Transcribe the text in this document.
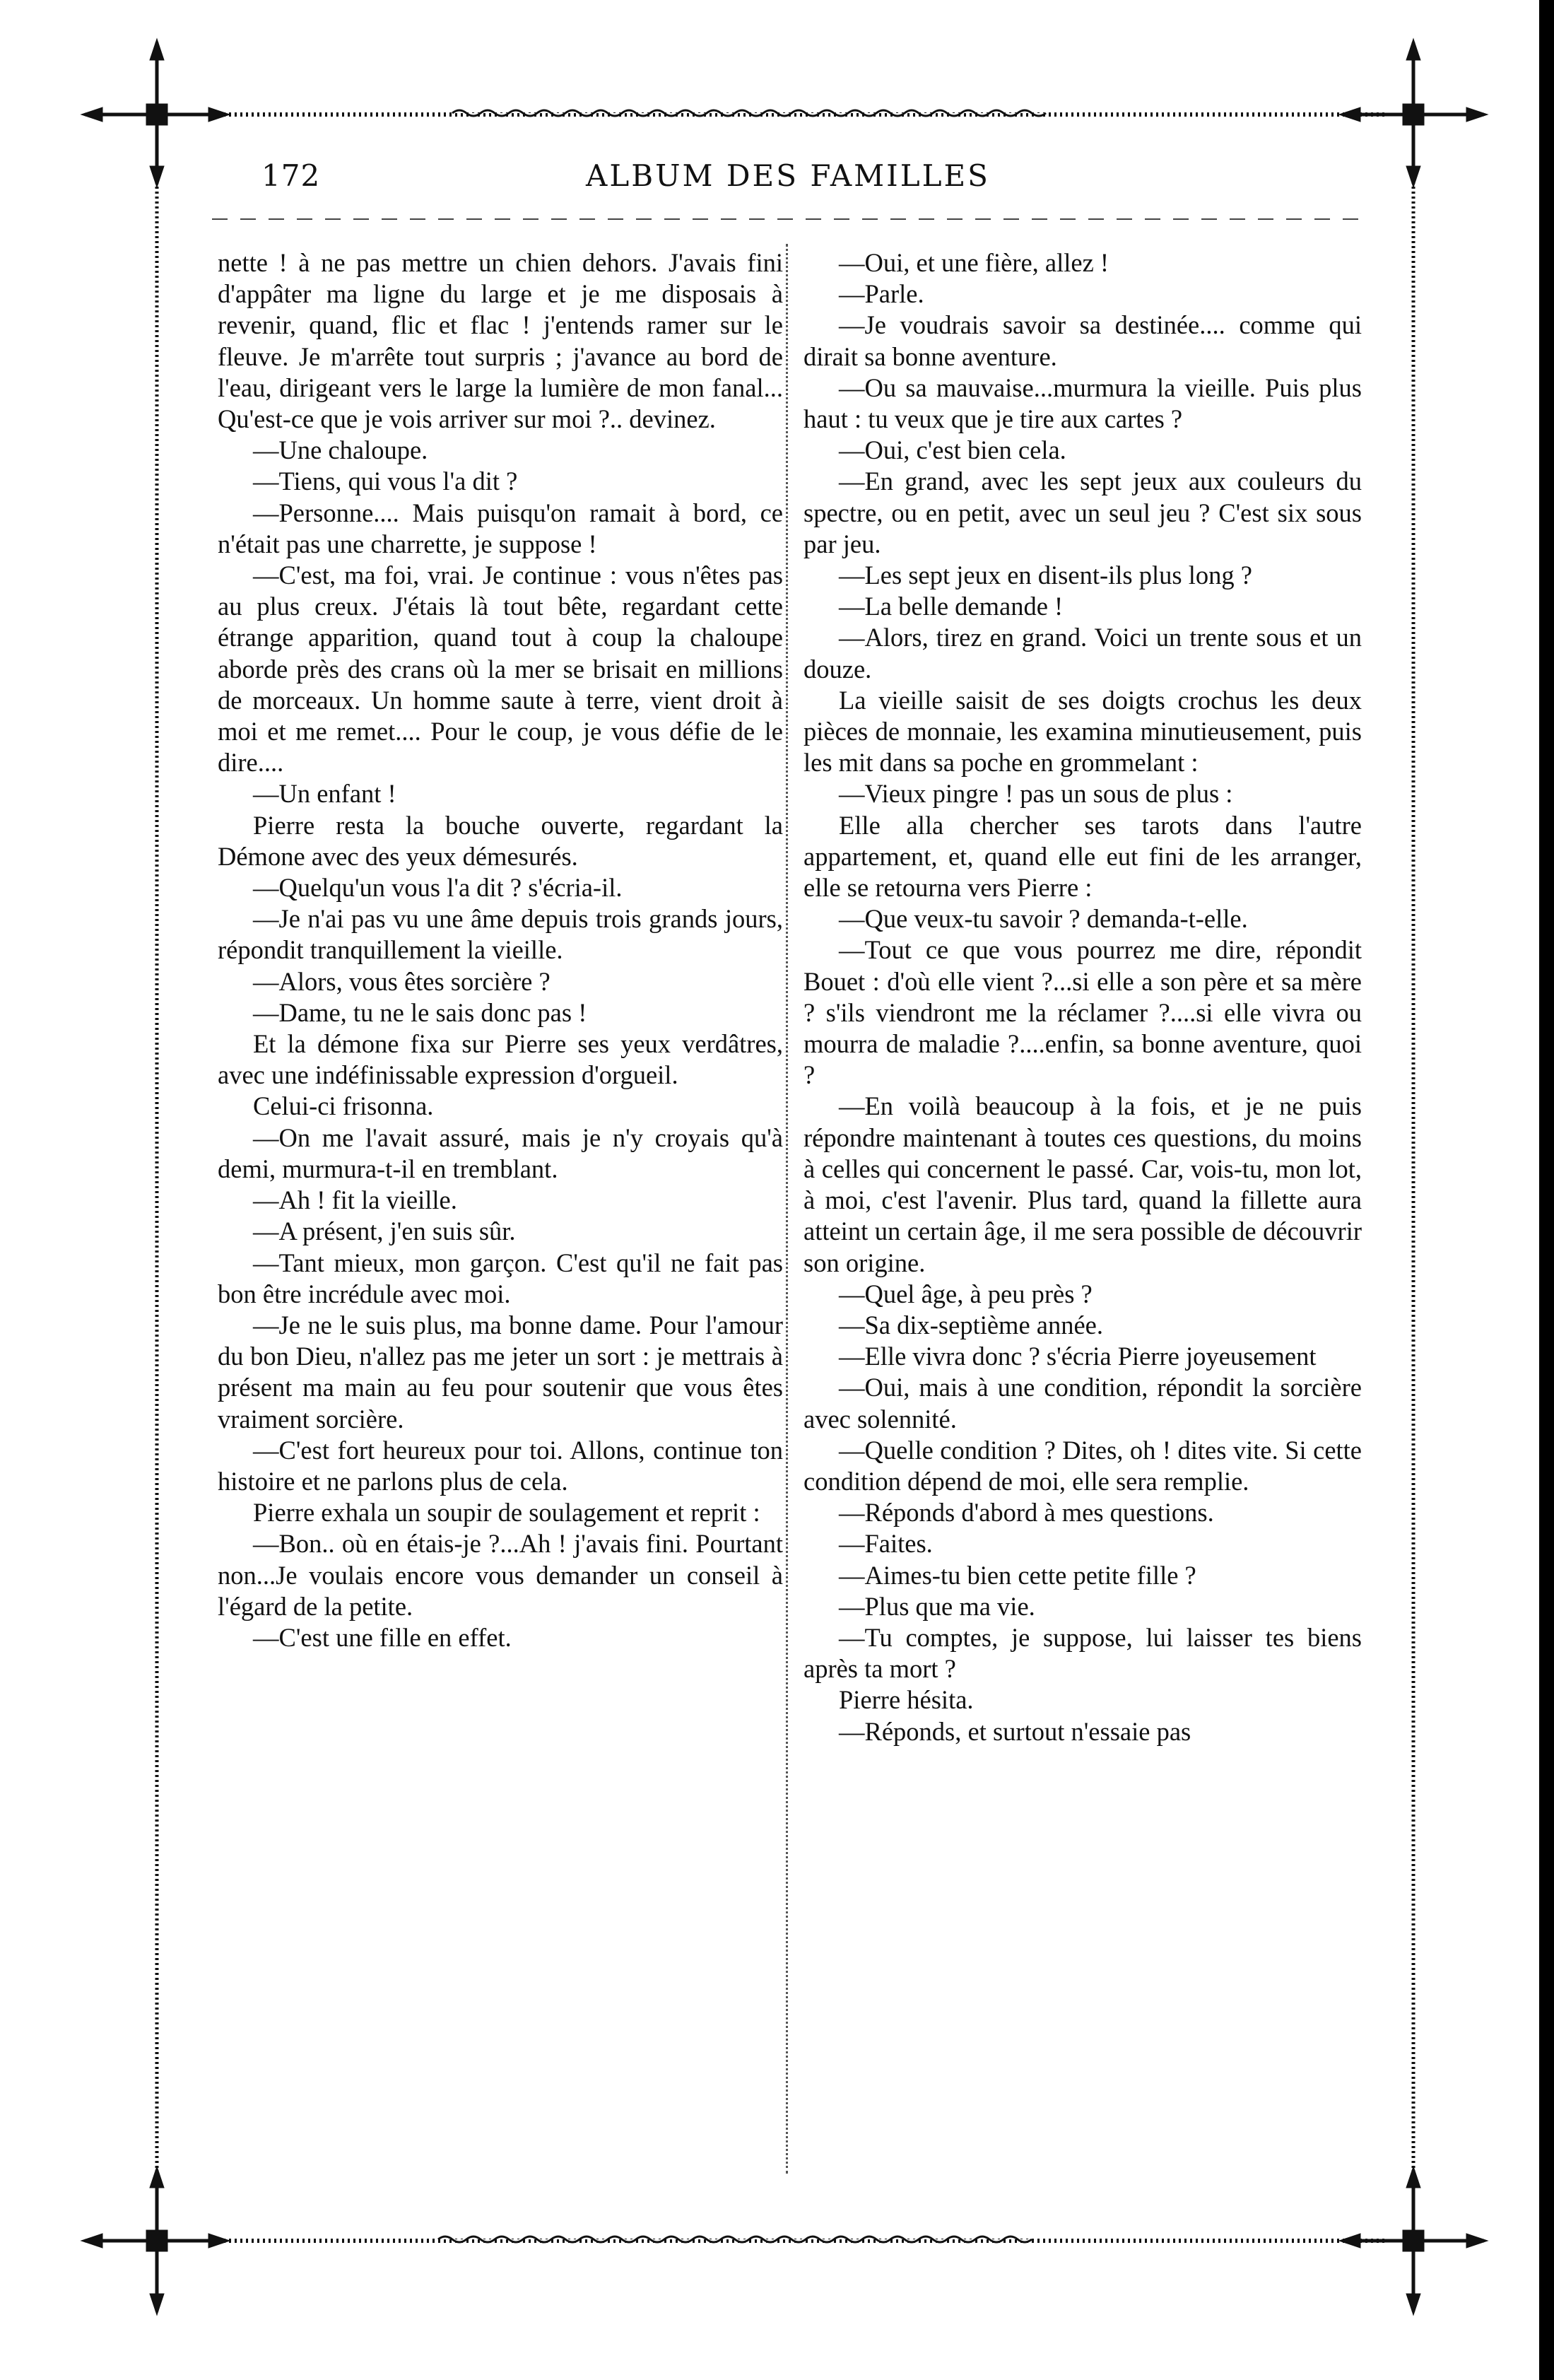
172	ALBUM DES FAMILLES

nette ! à ne pas mettre un chien dehors. J'avais fini d'appâter ma ligne du large et je me disposais à revenir, quand, flic et flac ! j'entends ramer sur le fleuve. Je m'arrête tout surpris ; j'avance au bord de l'eau, dirigeant vers le large la lumière de mon fanal... Qu'est-ce que je vois arriver sur moi ?.. devinez.

—Une chaloupe.

—Tiens, qui vous l'a dit ?

—Personne.... Mais puisqu'on ramait à bord, ce n'était pas une charrette, je suppose !

—C'est, ma foi, vrai. Je continue : vous n'êtes pas au plus creux. J'étais là tout bête, regardant cette étrange apparition, quand tout à coup la chaloupe aborde près des crans où la mer se brisait en millions de morceaux. Un homme saute à terre, vient droit à moi et me remet.... Pour le coup, je vous défie de le dire....

—Un enfant !

Pierre resta la bouche ouverte, regardant la Démone avec des yeux démesurés.

—Quelqu'un vous l'a dit ? s'écria-il.

—Je n'ai pas vu une âme depuis trois grands jours, répondit tranquillement la vieille.

—Alors, vous êtes sorcière ?

—Dame, tu ne le sais donc pas !

Et la démone fixa sur Pierre ses yeux verdâtres, avec une indéfinissable expression d'orgueil.

Celui-ci frisonna.

—On me l'avait assuré, mais je n'y croyais qu'à demi, murmura-t-il en tremblant.

—Ah ! fit la vieille.

—A présent, j'en suis sûr.

—Tant mieux, mon garçon. C'est qu'il ne fait pas bon être incrédule avec moi.

—Je ne le suis plus, ma bonne dame. Pour l'amour du bon Dieu, n'allez pas me jeter un sort : je mettrais à présent ma main au feu pour soutenir que vous êtes vraiment sorcière.

—C'est fort heureux pour toi. Allons, continue ton histoire et ne parlons plus de cela.

Pierre exhala un soupir de soulagement et reprit :

—Bon.. où en étais-je ?...Ah ! j'avais fini. Pourtant non...Je voulais encore vous demander un conseil à l'égard de la petite.

—C'est une fille en effet.

—Oui, et une fière, allez !

—Parle.

—Je voudrais savoir sa destinée.... comme qui dirait sa bonne aventure.

—Ou sa mauvaise...murmura la vieille. Puis plus haut : tu veux que je tire aux cartes ?

—Oui, c'est bien cela.

—En grand, avec les sept jeux aux couleurs du spectre, ou en petit, avec un seul jeu ? C'est six sous par jeu.

—Les sept jeux en disent-ils plus long ?

—La belle demande !

—Alors, tirez en grand. Voici un trente sous et un douze.

La vieille saisit de ses doigts crochus les deux pièces de monnaie, les examina minutieusement, puis les mit dans sa poche en grommelant :

—Vieux pingre ! pas un sous de plus :

Elle alla chercher ses tarots dans l'autre appartement, et, quand elle eut fini de les arranger, elle se retourna vers Pierre :

—Que veux-tu savoir ? demanda-t-elle.

—Tout ce que vous pourrez me dire, répondit Bouet : d'où elle vient ?...si elle a son père et sa mère ? s'ils viendront me la réclamer ?....si elle vivra ou mourra de maladie ?....enfin, sa bonne aventure, quoi ?

—En voilà beaucoup à la fois, et je ne puis répondre maintenant à toutes ces questions, du moins à celles qui concernent le passé. Car, vois-tu, mon lot, à moi, c'est l'avenir. Plus tard, quand la fillette aura atteint un certain âge, il me sera possible de découvrir son origine.

—Quel âge, à peu près ?

—Sa dix-septième année.

—Elle vivra donc ? s'écria Pierre joyeusement

—Oui, mais à une condition, répondit la sorcière avec solennité.

—Quelle condition ? Dites, oh ! dites vite. Si cette condition dépend de moi, elle sera remplie.

—Réponds d'abord à mes questions.

—Faites.

—Aimes-tu bien cette petite fille ?

—Plus que ma vie.

—Tu comptes, je suppose, lui laisser tes biens après ta mort ?

Pierre hésita.

—Réponds, et surtout n'essaie pas
